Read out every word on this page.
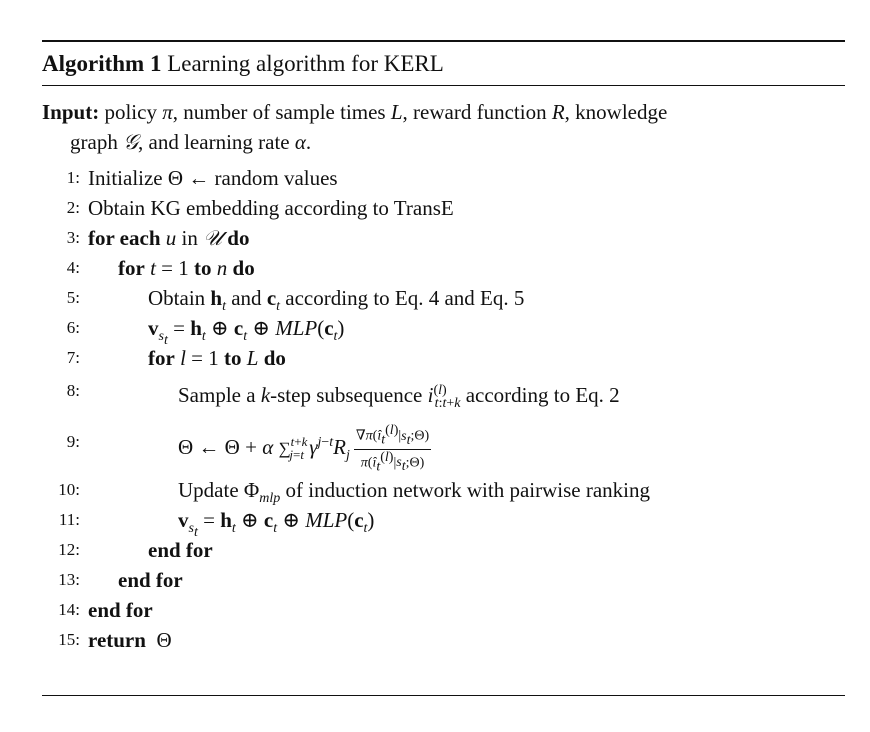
Algorithm 1 Learning algorithm for KERL
Input: policy π, number of sample times L, reward function R, knowledge
graph 𝒢, and learning rate α.
1: Initialize Θ ← random values
2: Obtain KG embedding according to TransE
3: for each u in 𝒰 do
4: for t = 1 to n do
5:	Obtain $h_t$ and $c_t$ according to Eq. 4 and Eq. 5
6:	$v_{s_t} = h_t$ ⊕ $c_t$ ⊕ $MLP(c_t)$
7:	for l = 1 to L do
8:	Sample a k-step subsequence $i^{(l)}_{t:t+k}$ according to Eq. 2
9:	Θ ← Θ + α ∑$^{t+k}_{j=t}$ $\gamma^{j-t}R_j \frac{\nabla\pi(î_t^{(l)}|s_t;\Theta)}{\pi(î_t^{(l)}|s_t;\Theta)}$
10:	Update $\Phi_{mlp}$ of induction network with pairwise ranking
11:	$v_{s_t} = h_t$ ⊕ $c_t$ ⊕ $MLP(c_t)$
12:	end for
13: end for
14: end for
15: return  Θ
